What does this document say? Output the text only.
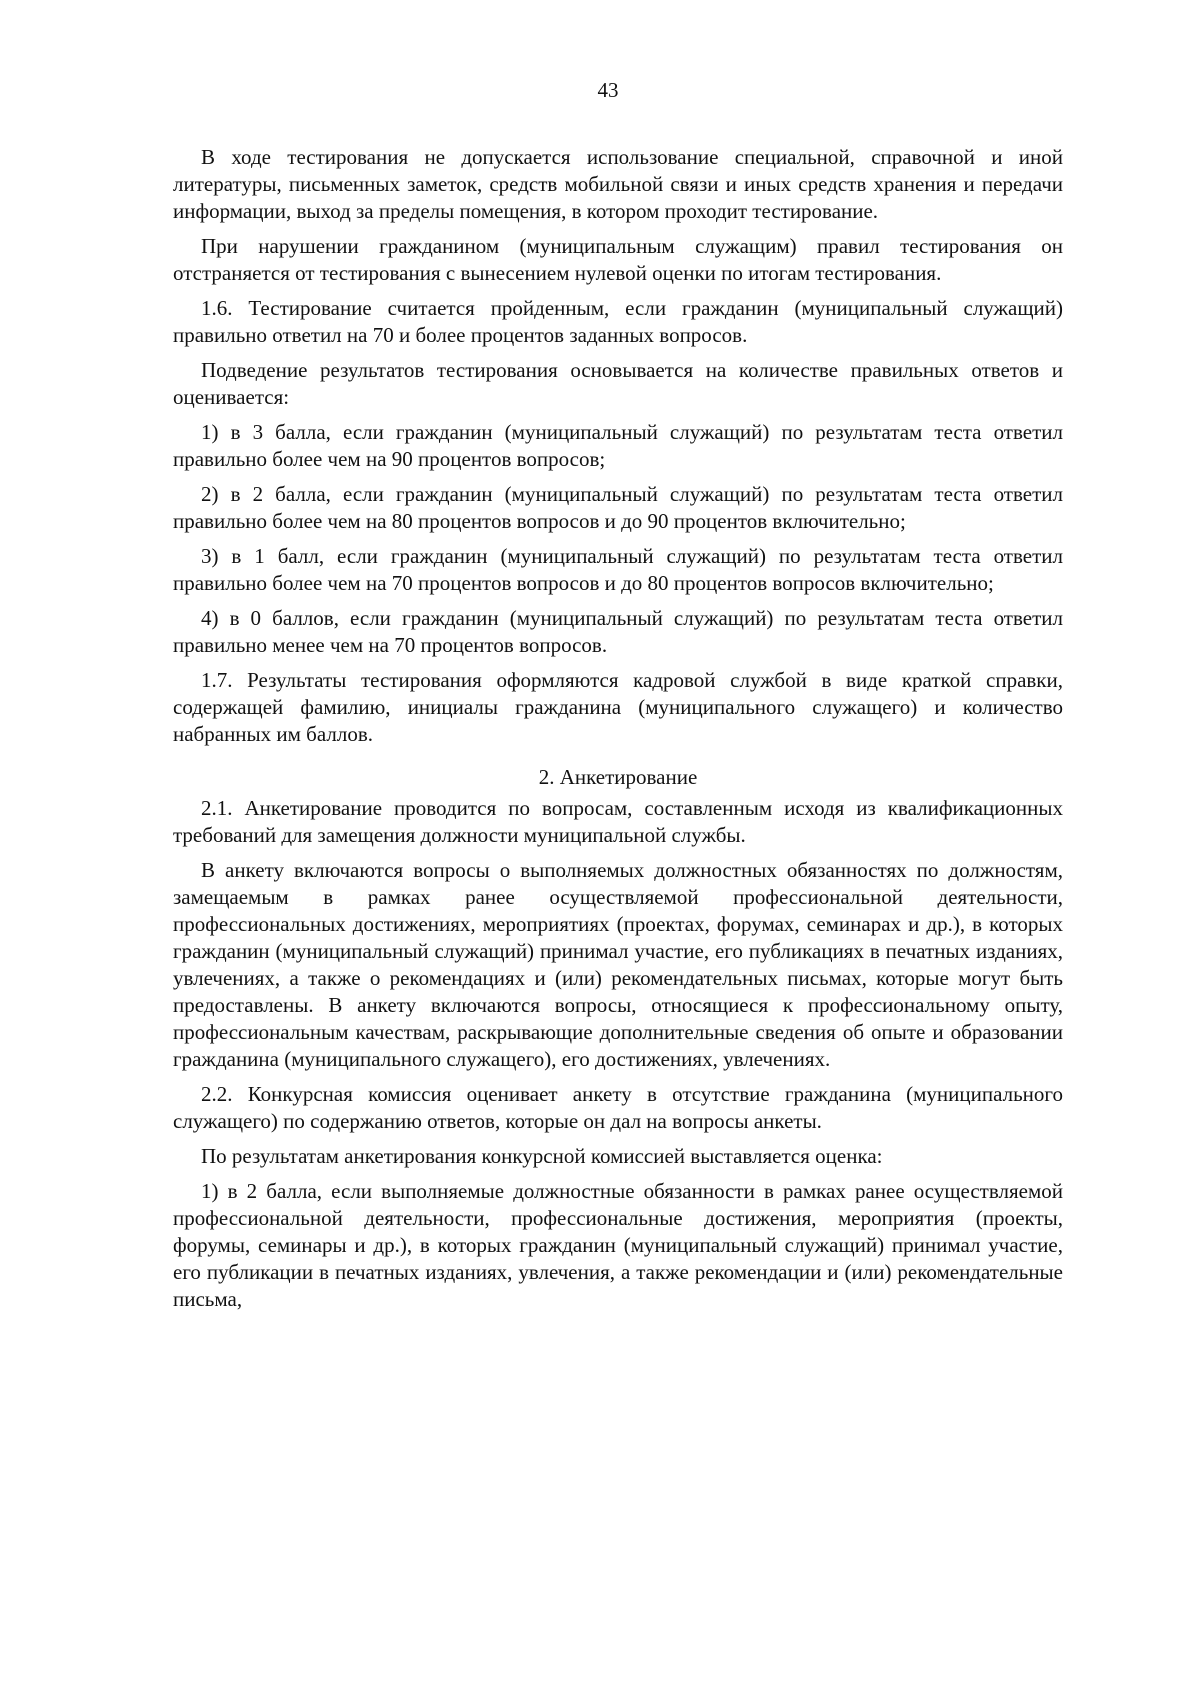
43

В ходе тестирования не допускается использование специальной, справочной и иной литературы, письменных заметок, средств мобильной связи и иных средств хранения и передачи информации, выход за пределы помещения, в котором проходит тестирование.

При нарушении гражданином (муниципальным служащим) правил тестирования он отстраняется от тестирования с вынесением нулевой оценки по итогам тестирования.

1.6. Тестирование считается пройденным, если гражданин (муниципальный служащий) правильно ответил на 70 и более процентов заданных вопросов.

Подведение результатов тестирования основывается на количестве правильных ответов и оценивается:

1) в 3 балла, если гражданин (муниципальный служащий) по результатам теста ответил правильно более чем на 90 процентов вопросов;

2) в 2 балла, если гражданин (муниципальный служащий) по результатам теста ответил правильно более чем на 80 процентов вопросов и до 90 процентов включительно;

3) в 1 балл, если гражданин (муниципальный служащий) по результатам теста ответил правильно более чем на 70 процентов вопросов и до 80 процентов вопросов включительно;

4) в 0 баллов, если гражданин (муниципальный служащий) по результатам теста ответил правильно менее чем на 70 процентов вопросов.

1.7. Результаты тестирования оформляются кадровой службой в виде краткой справки, содержащей фамилию, инициалы гражданина (муниципального служащего) и количество набранных им баллов.

2. Анкетирование

2.1. Анкетирование проводится по вопросам, составленным исходя из квалификационных требований для замещения должности муниципальной службы.

В анкету включаются вопросы о выполняемых должностных обязанностях по должностям, замещаемым в рамках ранее осуществляемой профессиональной деятельности, профессиональных достижениях, мероприятиях (проектах, форумах, семинарах и др.), в которых гражданин (муниципальный служащий) принимал участие, его публикациях в печатных изданиях, увлечениях, а также о рекомендациях и (или) рекомендательных письмах, которые могут быть предоставлены. В анкету включаются вопросы, относящиеся к профессиональному опыту, профессиональным качествам, раскрывающие дополнительные сведения об опыте и образовании гражданина (муниципального служащего), его достижениях, увлечениях.

2.2. Конкурсная комиссия оценивает анкету в отсутствие гражданина (муниципального служащего) по содержанию ответов, которые он дал на вопросы анкеты.

По результатам анкетирования конкурсной комиссией выставляется оценка:

1) в 2 балла, если выполняемые должностные обязанности в рамках ранее осуществляемой профессиональной деятельности, профессиональные достижения, мероприятия (проекты, форумы, семинары и др.), в которых гражданин (муниципальный служащий) принимал участие, его публикации в печатных изданиях, увлечения, а также рекомендации и (или) рекомендательные письма,
